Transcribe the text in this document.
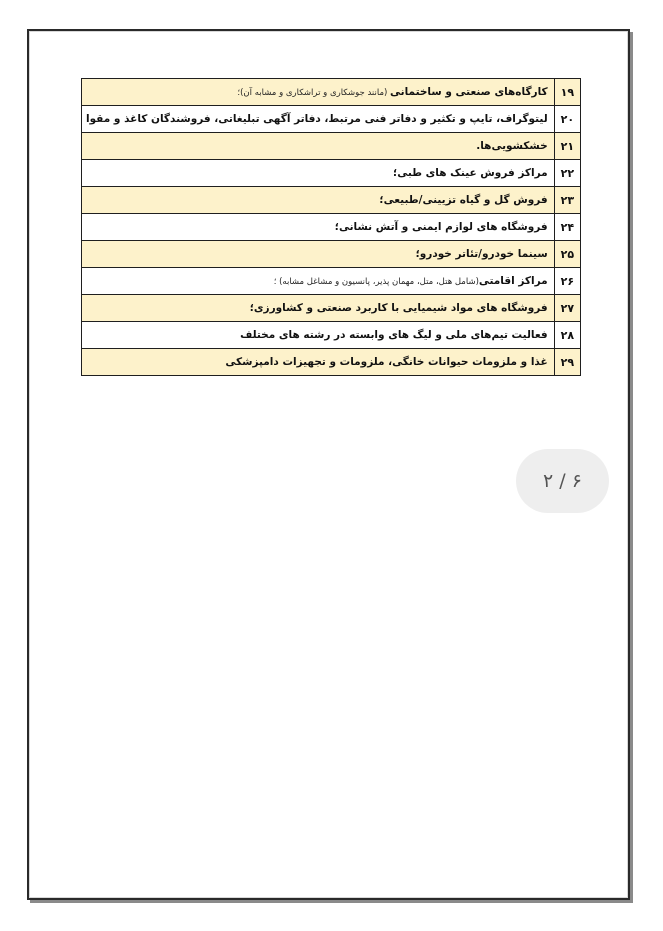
۱۹	کارگاه‌های صنعتی و ساختمانی (مانند جوشکاری و تراشکاری و مشابه آن)؛
۲۰	لیتوگراف، تایپ و تکثیر و دفاتر فنی مرتبط، دفاتر آگهی تبلیغاتی، فروشندگان کاغذ و مقوا
۲۱	خشکشویی‌ها.
۲۲	مراکز فروش عینک های طبی؛
۲۳	فروش گل و گیاه تزیینی/طبیعی؛
۲۴	فروشگاه های لوازم ایمنی و آتش نشانی؛
۲۵	سینما خودرو/تئاتر خودرو؛
۲۶	مراکز اقامتی(شامل هتل، متل، مهمان پذیر، پانسیون و مشاغل مشابه) ؛
۲۷	فروشگاه های مواد شیمیایی با کاربرد صنعتی و کشاورزی؛
۲۸	فعالیت تیم‌های ملی و لیگ های وابسته در رشته های مختلف
۲۹	غذا و ملزومات حیوانات خانگی، ملزومات و تجهیزات دامپزشکی
۶ / ۲
